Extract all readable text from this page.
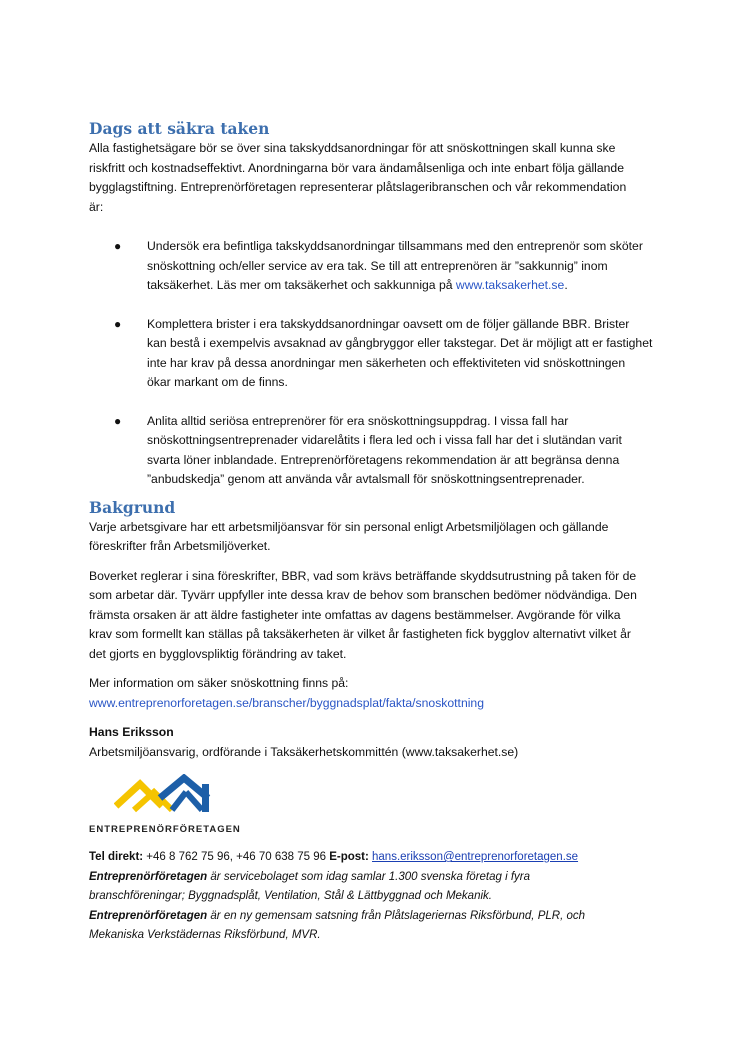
Dags att säkra taken

Alla fastighetsägare bör se över sina takskyddsanordningar för att snöskottningen skall kunna ske

riskfritt och kostnadseffektivt. Anordningarna bör vara ändamålsenliga och inte enbart följa gällande

bygglagstiftning. Entreprenörföretagen representerar plåtslageribranschen och vår rekommendation

är:

● Undersök era befintliga takskyddsanordningar tillsammans med den entreprenör som sköter
snöskottning och/eller service av era tak. Se till att entreprenören är ”sakkunnig” inom
taksäkerhet. Läs mer om taksäkerhet och sakkunniga på www.taksakerhet.se.
● Komplettera brister i era takskyddsanordningar oavsett om de följer gällande BBR. Brister
kan bestå i exempelvis avsaknad av gångbryggor eller takstegar. Det är möjligt att er fastighet
inte har krav på dessa anordningar men säkerheten och effektiviteten vid snöskottningen
ökar markant om de finns.
● Anlita alltid seriösa entreprenörer för era snöskottningsuppdrag. I vissa fall har
snöskottningsentreprenader vidarelåtits i flera led och i vissa fall har det i slutändan varit
svarta löner inblandade. Entreprenörföretagens rekommendation är att begränsa denna
”anbudskedja” genom att använda vår avtalsmall för snöskottningsentreprenader.
Bakgrund

Varje arbetsgivare har ett arbetsmiljöansvar för sin personal enligt Arbetsmiljölagen och gällande

föreskrifter från Arbetsmiljöverket.

Boverket reglerar i sina föreskrifter, BBR, vad som krävs beträffande skyddsutrustning på taken för de

som arbetar där. Tyvärr uppfyller inte dessa krav de behov som branschen bedömer nödvändiga. Den

främsta orsaken är att äldre fastigheter inte omfattas av dagens bestämmelser. Avgörande för vilka

krav som formellt kan ställas på taksäkerheten är vilket år fastigheten fick bygglov alternativt vilket år

det gjorts en bygglovspliktig förändring av taket.

Mer information om säker snöskottning finns på:

www.entreprenorforetagen.se/branscher/byggnadsplat/fakta/snoskottning

Hans Eriksson

Arbetsmiljöansvarig, ordförande i Taksäkerhetskommittén (www.taksakerhet.se)

ENTREPRENÖRFÖRETAGEN

Tel direkt: +46 8 762 75 96, +46 70 638 75 96 E-post: hans.eriksson@entreprenorforetagen.se

Entreprenörföretagen är servicebolaget som idag samlar 1.300 svenska företag i fyra

branschföreningar; Byggnadsplåt, Ventilation, Stål & Lättbyggnad och Mekanik.

Entreprenörföretagen är en ny gemensam satsning från Plåtslageriernas Riksförbund, PLR, och

Mekaniska Verkstädernas Riksförbund, MVR.
